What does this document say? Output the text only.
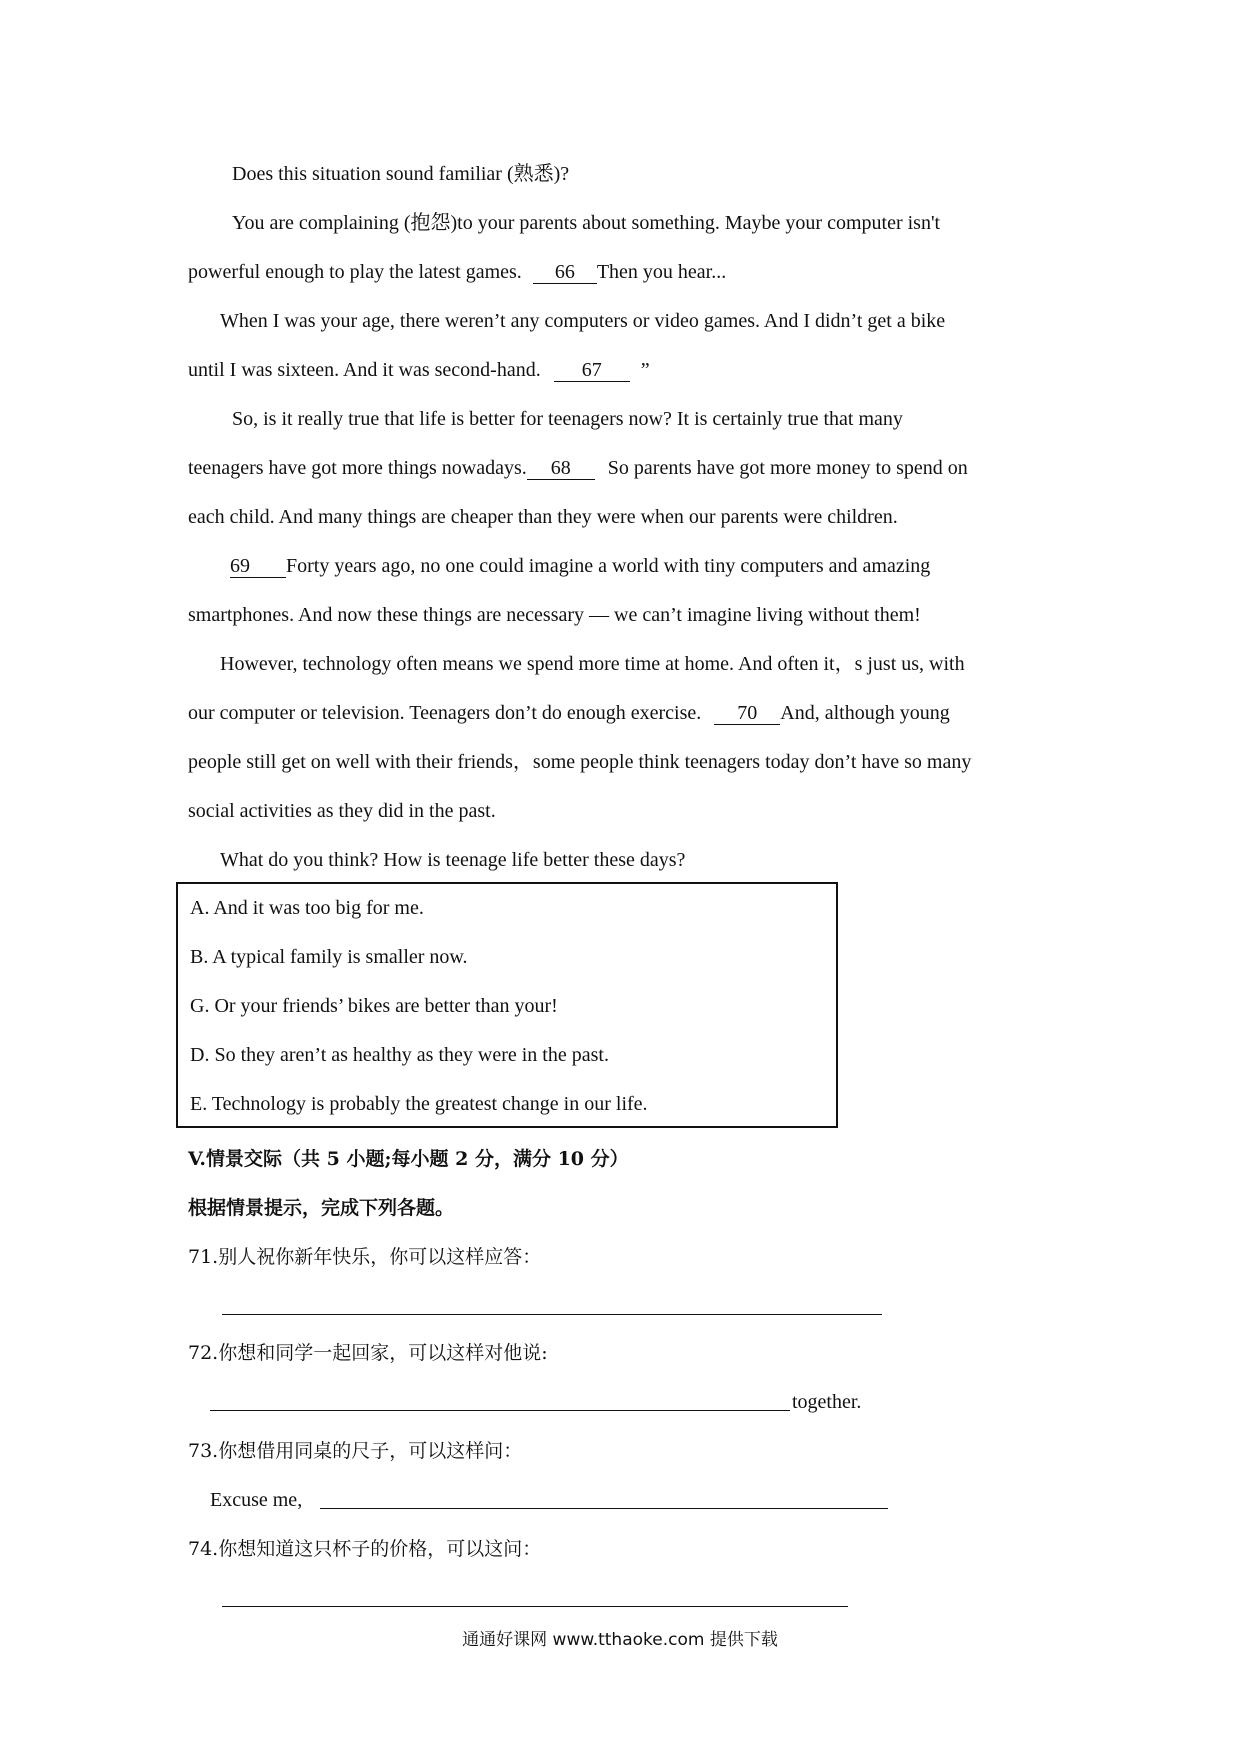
Does this situation sound familiar (熟悉)?
You are complaining (抱怨)to your parents about something. Maybe your computer isn't
powerful enough to play the latest games. 66 Then you hear...
When I was your age, there weren’t any computers or video games. And I didn’t get a bike
until I was sixteen. And it was second-hand. 67 ”
So, is it really true that life is better for teenagers now? It is certainly true that many
teenagers have got more things nowadays. 68 So parents have got more money to spend on
each child. And many things are cheaper than they were when our parents were children.
69 Forty years ago, no one could imagine a world with tiny computers and amazing
smartphones. And now these things are necessary — we can’t imagine living without them!
However, technology often means we spend more time at home. And often it，s just us, with
our computer or television. Teenagers don’t do enough exercise. 70 And, although young
people still get on well with their friends，some people think teenagers today don’t have so many
social activities as they did in the past.
What do you think? How is teenage life better these days?
A. And it was too big for me.
B. A typical family is smaller now.
G. Or your friends’ bikes are better than your!
D. So they aren’t as healthy as they were in the past.
E. Technology is probably the greatest change in our life.
V.情景交际（共 5 小题;每小题 2 分，满分 10 分）
根据情景提示，完成下列各题。
71.别人祝你新年快乐，你可以这样应答：
72.你想和同学一起回家，可以这样对他说:
together.
73.你想借用同桌的尺子，可以这样问：
Excuse me,
74.你想知道这只杯子的价格，可以这问：
通通好课网 www.tthaoke.com 提供下载
